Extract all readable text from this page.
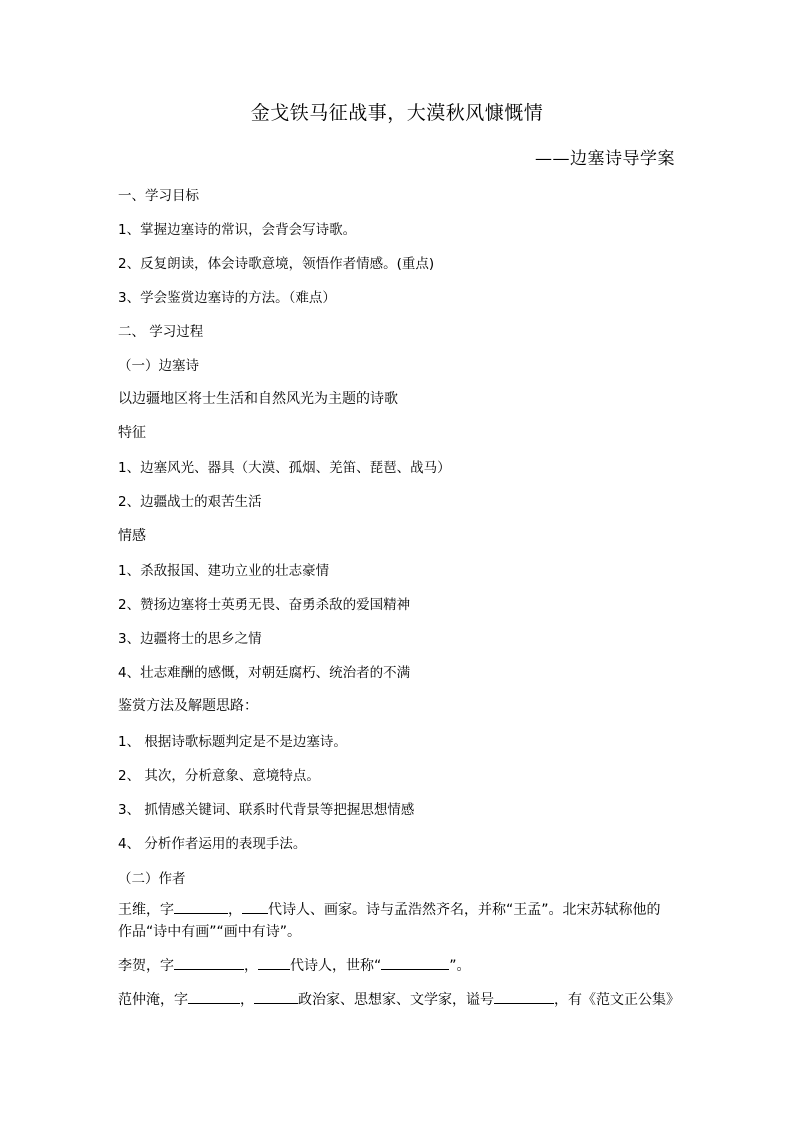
金戈铁马征战事，大漠秋风慷慨情
——边塞诗导学案
一、学习目标
1、掌握边塞诗的常识，会背会写诗歌。
2、反复朗读，体会诗歌意境，领悟作者情感。(重点)
3、学会鉴赏边塞诗的方法。（难点）
二、 学习过程
（一）边塞诗
以边疆地区将士生活和自然风光为主题的诗歌
特征
1、边塞风光、器具（大漠、孤烟、羌笛、琵琶、战马）
2、边疆战士的艰苦生活
情感
1、杀敌报国、建功立业的壮志豪情
2、赞扬边塞将士英勇无畏、奋勇杀敌的爱国精神
3、边疆将士的思乡之情
4、壮志难酬的感慨，对朝廷腐朽、统治者的不满
鉴赏方法及解题思路：
1、 根据诗歌标题判定是不是边塞诗。
2、 其次，分析意象、意境特点。
3、 抓情感关键词、联系时代背景等把握思想情感
4、 分析作者运用的表现手法。
（二）作者
王维，字	， 代诗人、画家。诗与孟浩然齐名，并称“王孟”。北宋苏轼称他的
作品“诗中有画”“画中有诗”。
李贺，字	， 代诗人，世称“	”。
范仲淹，字	，	政治家、思想家、文学家，谥号	，有《范文正公集》
